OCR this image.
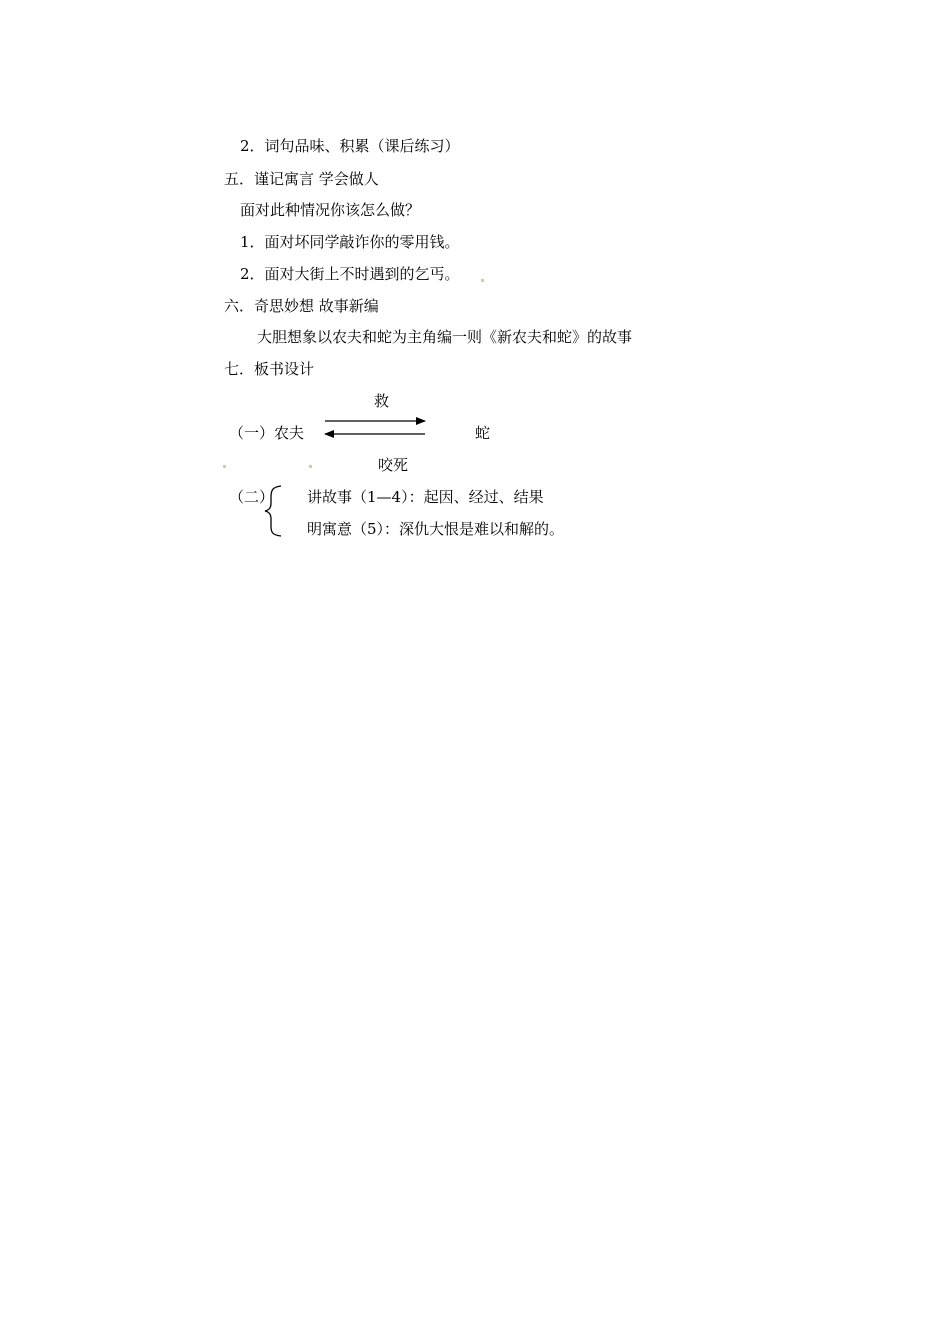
2．词句品味、积累（课后练习）
五．谨记寓言 学会做人
面对此种情况你该怎么做？
1．面对坏同学敲诈你的零用钱。
2．面对大街上不时遇到的乞丐。
六．奇思妙想 故事新编
大胆想象以农夫和蛇为主角编一则《新农夫和蛇》的故事
七．板书设计
救
（一）农夫	蛇
咬死
（二） 讲故事（1—4）：起因、经过、结果
明寓意（5）：深仇大恨是难以和解的。
